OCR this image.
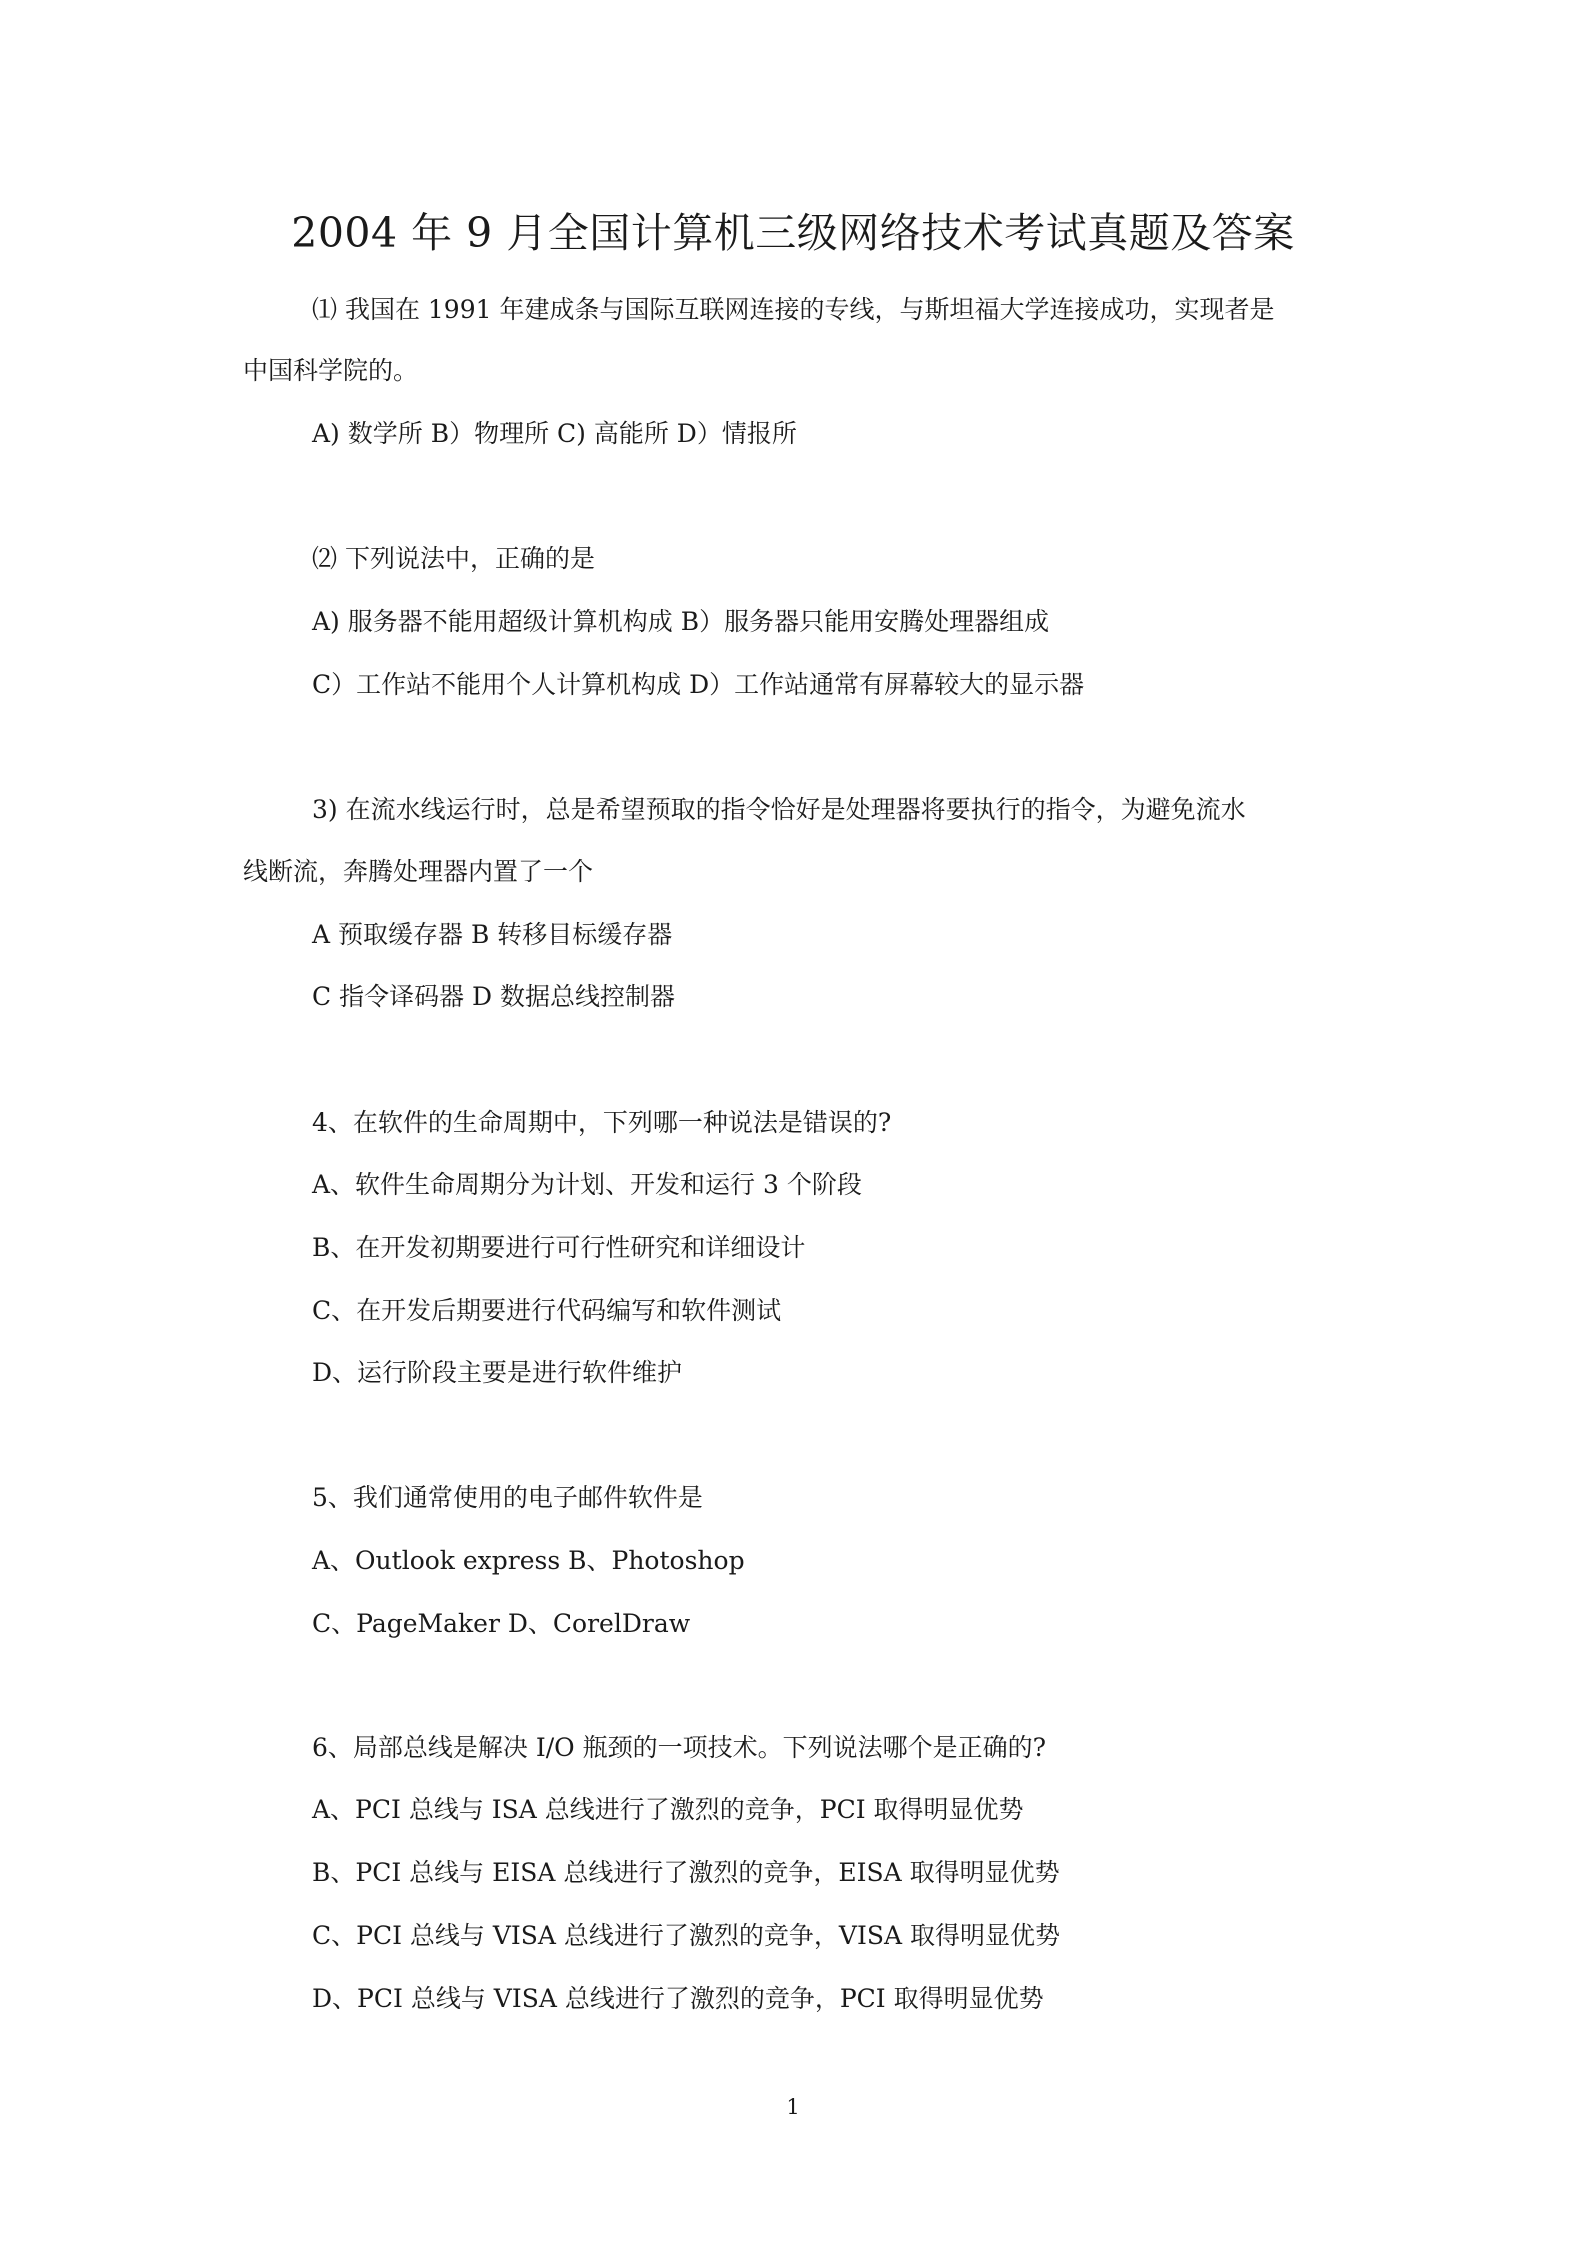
2004 年 9 月全国计算机三级网络技术考试真题及答案

⑴ 我国在 1991 年建成条与国际互联网连接的专线，与斯坦福大学连接成功，实现者是

中国科学院的。

A) 数学所 B）物理所 C) 高能所 D）情报所

⑵ 下列说法中，正确的是

A) 服务器不能用超级计算机构成 B）服务器只能用安腾处理器组成

C）工作站不能用个人计算机构成 D）工作站通常有屏幕较大的显示器

3) 在流水线运行时，总是希望预取的指令恰好是处理器将要执行的指令，为避免流水

线断流，奔腾处理器内置了一个

A 预取缓存器 B 转移目标缓存器

C 指令译码器 D 数据总线控制器

4、在软件的生命周期中，下列哪一种说法是错误的?

A、软件生命周期分为计划、开发和运行 3 个阶段

B、在开发初期要进行可行性研究和详细设计

C、在开发后期要进行代码编写和软件测试

D、运行阶段主要是进行软件维护

5、我们通常使用的电子邮件软件是

A、Outlook express B、Photoshop

C、PageMaker D、CorelDraw

6、局部总线是解决 I/O 瓶颈的一项技术。下列说法哪个是正确的?

A、PCI 总线与 ISA 总线进行了激烈的竞争，PCI 取得明显优势

B、PCI 总线与 EISA 总线进行了激烈的竞争，EISA 取得明显优势

C、PCI 总线与 VISA 总线进行了激烈的竞争，VISA 取得明显优势

D、PCI 总线与 VISA 总线进行了激烈的竞争，PCI 取得明显优势

1
